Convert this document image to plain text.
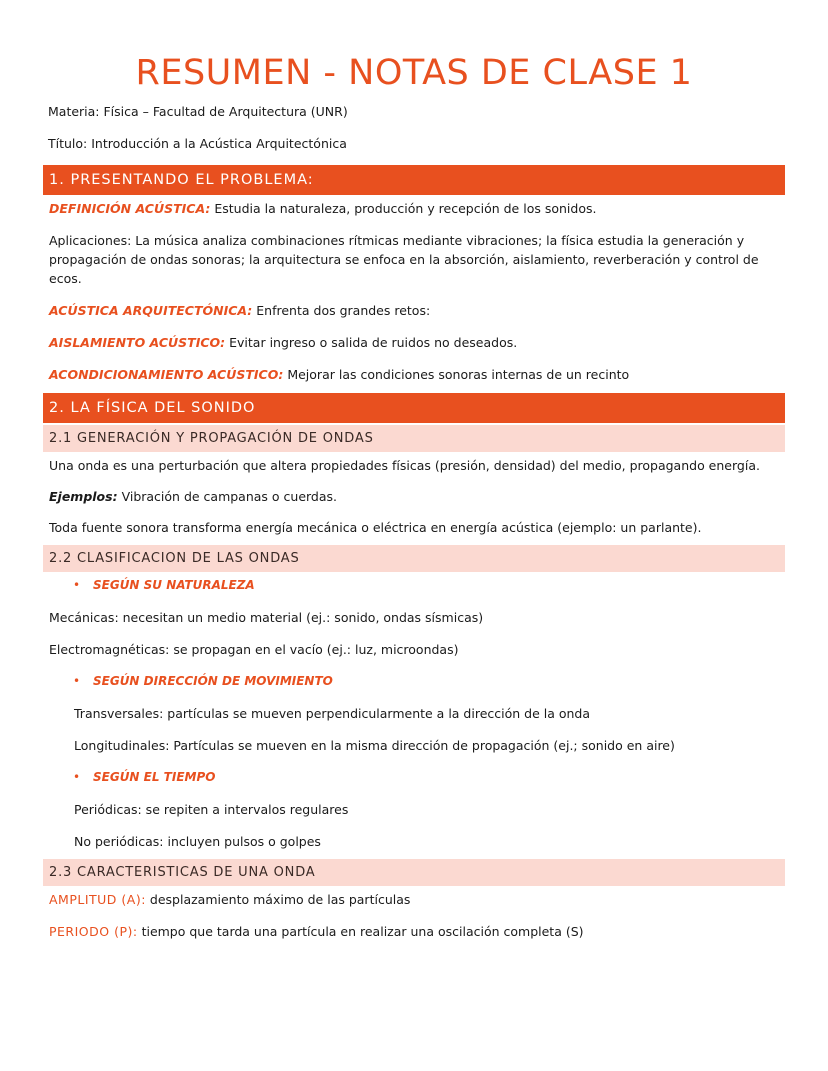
RESUMEN - NOTAS DE CLASE 1
Materia: Física – Facultad de Arquitectura (UNR)
Título: Introducción a la Acústica Arquitectónica
1. PRESENTANDO EL PROBLEMA:

DEFINICIÓN ACÚSTICA: Estudia la naturaleza, producción y recepción de los sonidos.

Aplicaciones: La música analiza combinaciones rítmicas mediante vibraciones; la física estudia la generación y propagación de ondas sonoras; la arquitectura se enfoca en la absorción, aislamiento, reverberación y control de ecos.

ACÚSTICA ARQUITECTÓNICA: Enfrenta dos grandes retos:

AISLAMIENTO ACÚSTICO: Evitar ingreso o salida de ruidos no deseados.

ACONDICIONAMIENTO ACÚSTICO: Mejorar las condiciones sonoras internas de un recinto

2. LA FÍSICA DEL SONIDO
2.1 GENERACIÓN Y PROPAGACIÓN DE ONDAS

Una onda es una perturbación que altera propiedades físicas (presión, densidad) del medio, propagando energía.

Ejemplos: Vibración de campanas o cuerdas.

Toda fuente sonora transforma energía mecánica o eléctrica en energía acústica (ejemplo: un parlante).

2.2 CLASIFICACION DE LAS ONDAS
•	SEGÚN SU NATURALEZA

Mecánicas: necesitan un medio material (ej.: sonido, ondas sísmicas)

Electromagnéticas: se propagan en el vacío (ej.: luz, microondas)

•	SEGÚN DIRECCIÓN DE MOVIMIENTO

Transversales: partículas se mueven perpendicularmente a la dirección de la onda

Longitudinales: Partículas se mueven en la misma dirección de propagación (ej.; sonido en aire)

•	SEGÚN EL TIEMPO

Periódicas: se repiten a intervalos regulares

No periódicas: incluyen pulsos o golpes

2.3 CARACTERISTICAS DE UNA ONDA

AMPLITUD (A): desplazamiento máximo de las partículas

PERIODO (P): tiempo que tarda una partícula en realizar una oscilación completa (S)
